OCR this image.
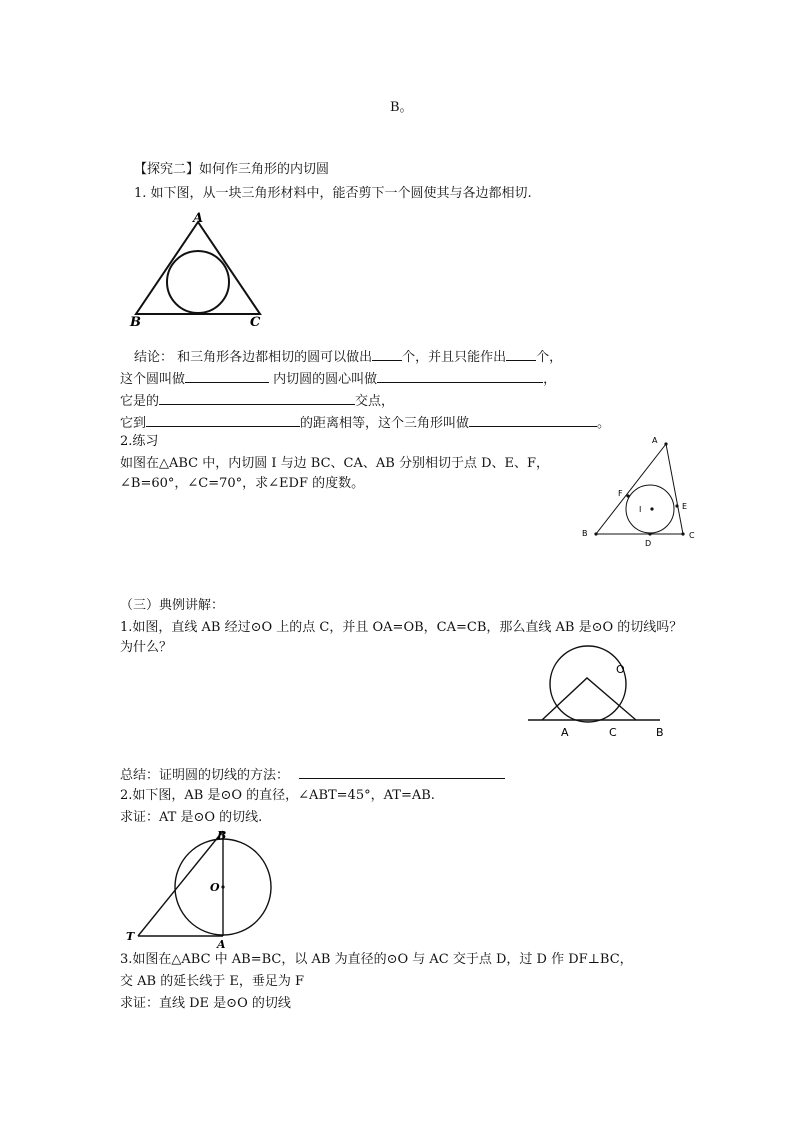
B。
【探究二】如何作三角形的内切圆
1. 如下图，从一块三角形材料中，能否剪下一个圆使其与各边都相切.
A
B	C
结论： 和三角形各边都相切的圆可以做出 个，并且只能作出 个，
这个圆叫做	内切圆的圆心叫做	，
它是的	交点，
它到	的距离相等，这个三角形叫做	。
2.练习
如图在△ABC 中，内切圆 I 与边 BC、CA、AB 分别相切于点 D、E、F，
∠B=60°，∠C=70°，求∠EDF 的度数。
A
B	C
D
E
F
I
（三）典例讲解：
1.如图，直线 AB 经过⊙O 上的点 C，并且 OA=OB，CA=CB，那么直线 AB 是⊙O 的切线吗？
为什么？
O
A	C	B
总结：证明圆的切线的方法：
2.如下图，AB 是⊙O 的直径，∠ABT=45°，AT=AB.
求证：AT 是⊙O 的切线.
B
O
T
A
3.如图在△ABC 中 AB=BC，以 AB 为直径的⊙O 与 AC 交于点 D，过 D 作 DF⊥BC，
交 AB 的延长线于 E，垂足为 F
求证：直线 DE 是⊙O 的切线
